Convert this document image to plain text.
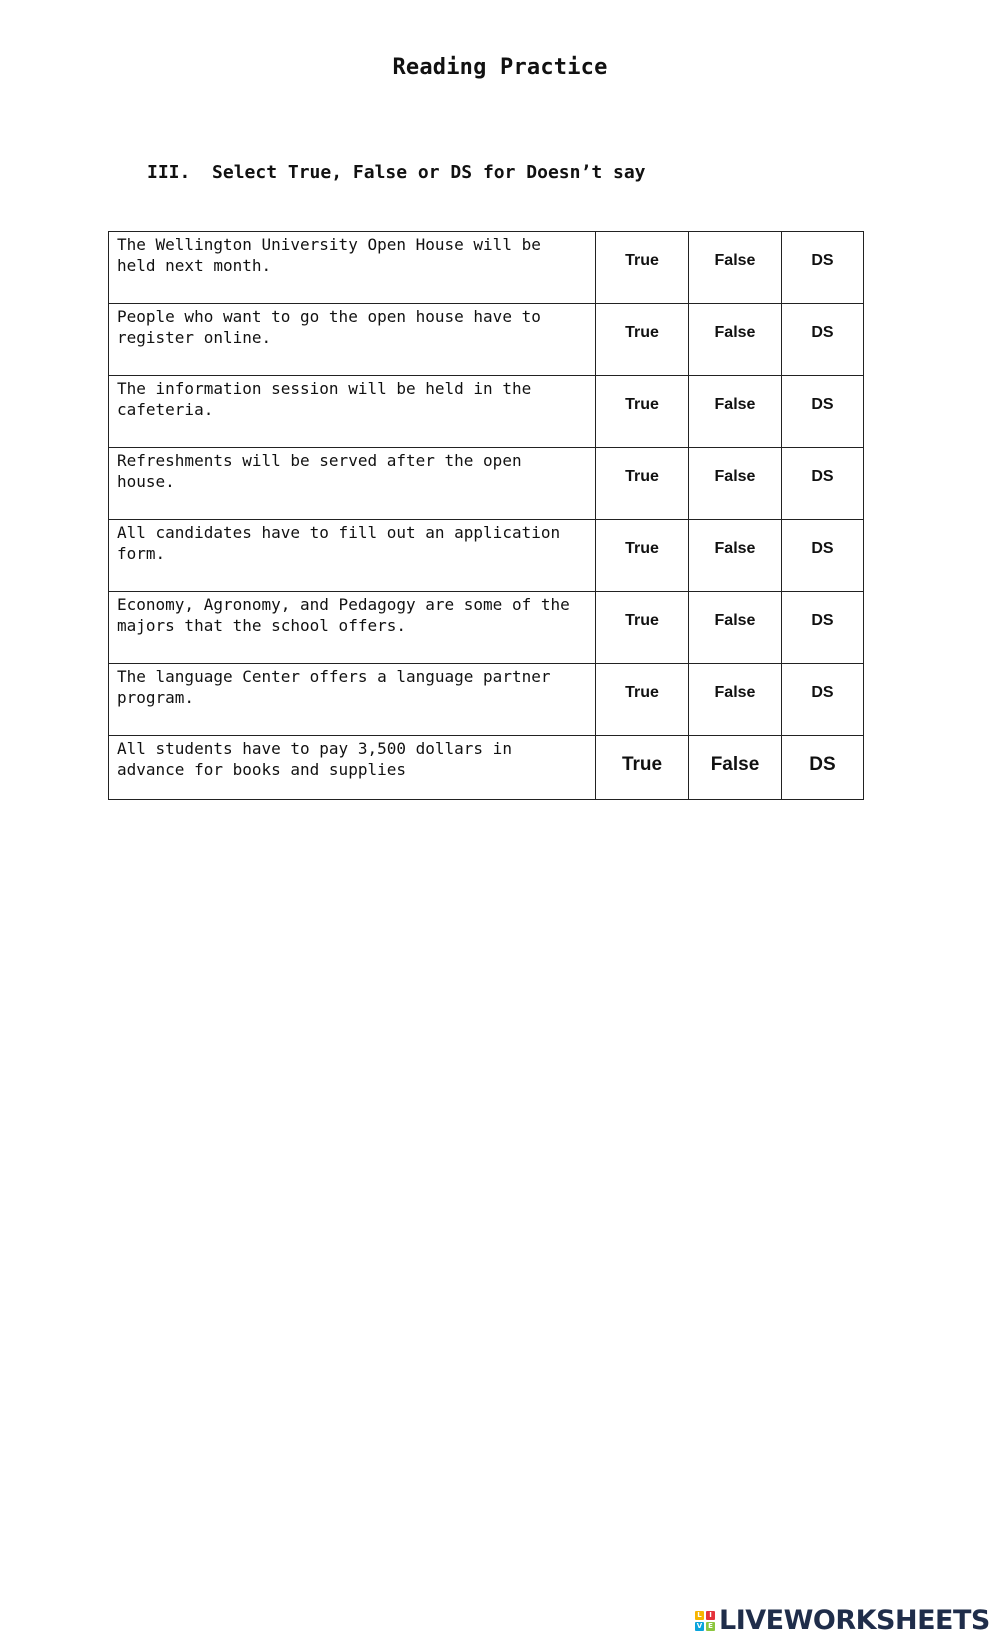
Reading Practice
III.  Select True, False or DS for Doesn’t say
The Wellington University Open House will be held next month.	True	False	DS
People who want to go the open house have to register online.	True	False	DS
The information session will be held in the cafeteria.	True	False	DS
Refreshments will be served after the open house.	True	False	DS
All candidates have to fill out an application form.	True	False	DS
Economy, Agronomy, and Pedagogy are some of the majors that the school offers.	True	False	DS
The language Center offers a language partner program.	True	False	DS
All students have to pay 3,500 dollars in advance for books and supplies	True	False	DS
L	I
V E LIVEWORKSHEETS
